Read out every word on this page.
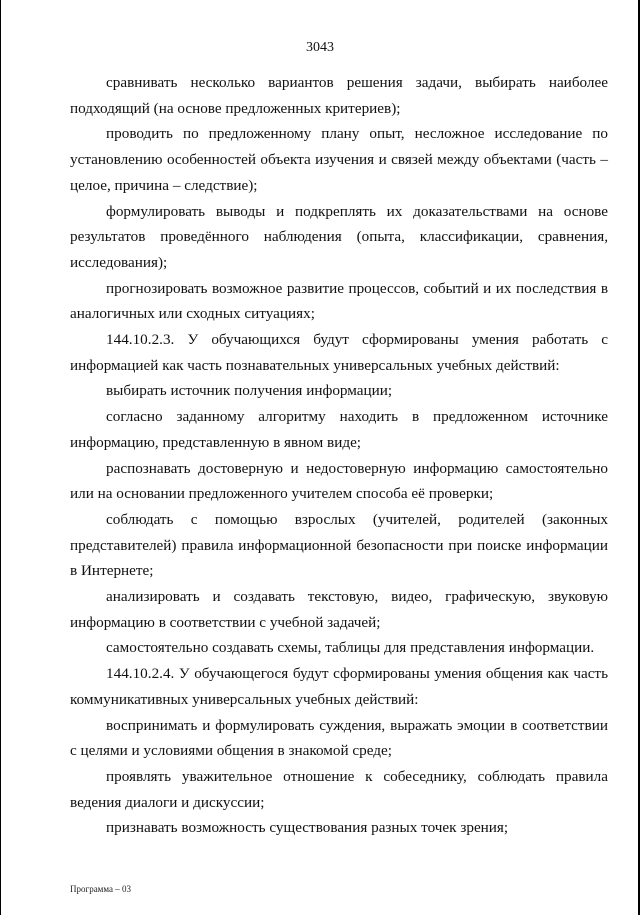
3043

сравнивать несколько вариантов решения задачи, выбирать наиболее подходящий (на основе предложенных критериев);

проводить по предложенному плану опыт, несложное исследование по установлению особенностей объекта изучения и связей между объектами (часть – целое, причина – следствие);

формулировать выводы и подкреплять их доказательствами на основе результатов проведённого наблюдения (опыта, классификации, сравнения, исследования);

прогнозировать возможное развитие процессов, событий и их последствия в аналогичных или сходных ситуациях;

144.10.2.3. У обучающихся будут сформированы умения работать с информацией как часть познавательных универсальных учебных действий:

выбирать источник получения информации;

согласно заданному алгоритму находить в предложенном источнике информацию, представленную в явном виде;

распознавать достоверную и недостоверную информацию самостоятельно или на основании предложенного учителем способа её проверки;

соблюдать с помощью взрослых (учителей, родителей (законных представителей) правила информационной безопасности при поиске информации в Интернете;

анализировать и создавать текстовую, видео, графическую, звуковую информацию в соответствии с учебной задачей;

самостоятельно создавать схемы, таблицы для представления информации.

144.10.2.4. У обучающегося будут сформированы умения общения как часть коммуникативных универсальных учебных действий:

воспринимать и формулировать суждения, выражать эмоции в соответствии с целями и условиями общения в знакомой среде;

проявлять уважительное отношение к собеседнику, соблюдать правила ведения диалоги и дискуссии;

признавать возможность существования разных точек зрения;

Программа – 03
